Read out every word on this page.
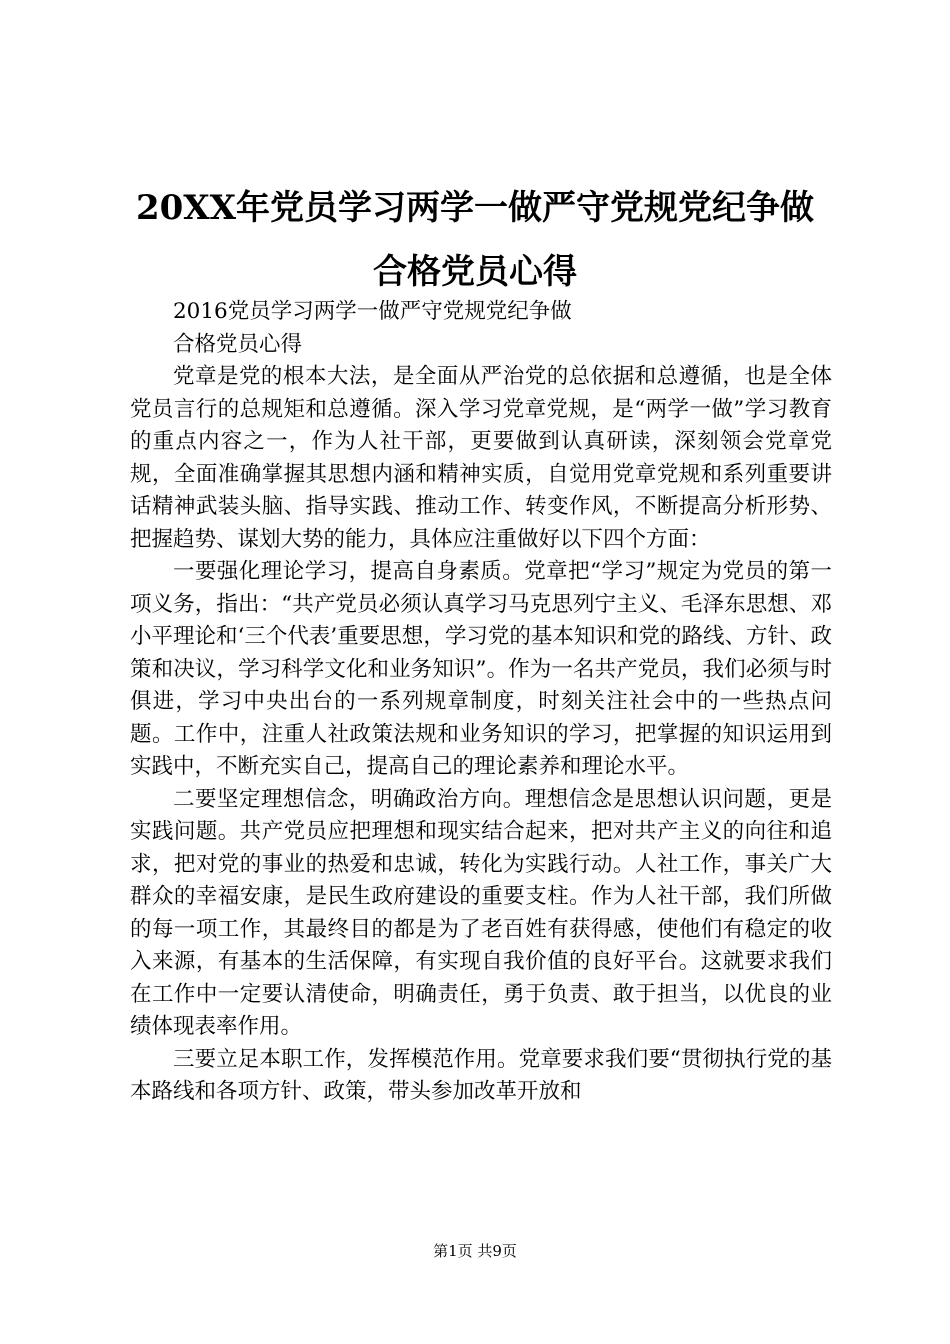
20XX年党员学习两学一做严守党规党纪争做
合格党员心得

2016党员学习两学一做严守党规党纪争做

合格党员心得

党章是党的根本大法，是全面从严治党的总依据和总遵循，也是全体党员言行的总规矩和总遵循。深入学习党章党规，是“两学一做”学习教育的重点内容之一，作为人社干部，更要做到认真研读，深刻领会党章党规，全面准确掌握其思想内涵和精神实质，自觉用党章党规和系列重要讲话精神武装头脑、指导实践、推动工作、转变作风，不断提高分析形势、把握趋势、谋划大势的能力，具体应注重做好以下四个方面：

一要强化理论学习，提高自身素质。党章把“学习”规定为党员的第一项义务，指出：“共产党员必须认真学习马克思列宁主义、毛泽东思想、邓小平理论和‘三个代表’重要思想，学习党的基本知识和党的路线、方针、政策和决议，学习科学文化和业务知识”。作为一名共产党员，我们必须与时俱进，学习中央出台的一系列规章制度，时刻关注社会中的一些热点问题。工作中，注重人社政策法规和业务知识的学习，把掌握的知识运用到实践中，不断充实自己，提高自己的理论素养和理论水平。

二要坚定理想信念，明确政治方向。理想信念是思想认识问题，更是实践问题。共产党员应把理想和现实结合起来，把对共产主义的向往和追求，把对党的事业的热爱和忠诚，转化为实践行动。人社工作，事关广大群众的幸福安康，是民生政府建设的重要支柱。作为人社干部，我们所做的每一项工作，其最终目的都是为了老百姓有获得感，使他们有稳定的收入来源，有基本的生活保障，有实现自我价值的良好平台。这就要求我们在工作中一定要认清使命，明确责任，勇于负责、敢于担当，以优良的业绩体现表率作用。

三要立足本职工作，发挥模范作用。党章要求我们要“贯彻执行党的基本路线和各项方针、政策，带头参加改革开放和

第1页 共9页
